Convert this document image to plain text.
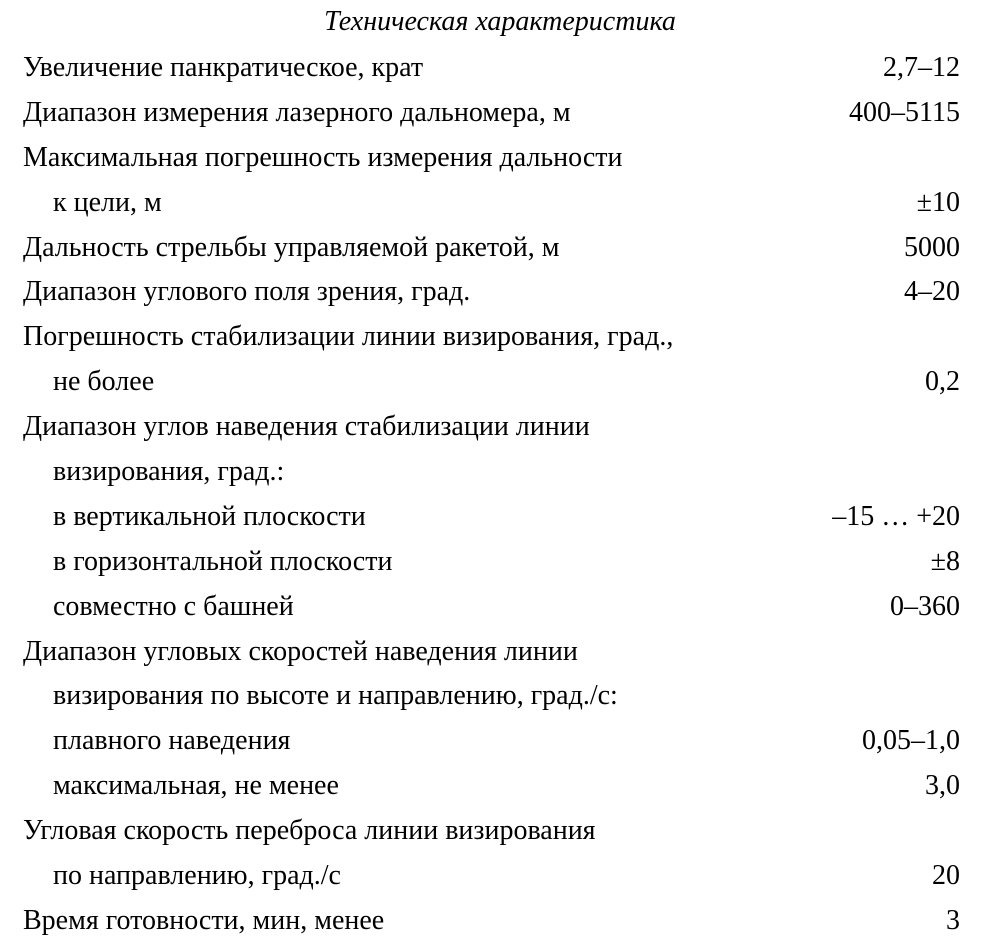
Техническая характеристика
Увеличение панкратическое, крат	2,7–12
Диапазон измерения лазерного дальномера, м	400–5115
Максимальная погрешность измерения дальности
к цели, м	±10
Дальность стрельбы управляемой ракетой, м	5000
Диапазон углового поля зрения, град.	4–20
Погрешность стабилизации линии визирования, град.,
не более	0,2
Диапазон углов наведения стабилизации линии
визирования, град.:
в вертикальной плоскости	–15 … +20
в горизонтальной плоскости	±8
совместно с башней	0–360
Диапазон угловых скоростей наведения линии
визирования по высоте и направлению, град./с:
плавного наведения	0,05–1,0
максимальная, не менее	3,0
Угловая скорость переброса линии визирования
по направлению, град./с	20
Время готовности, мин, менее	3
